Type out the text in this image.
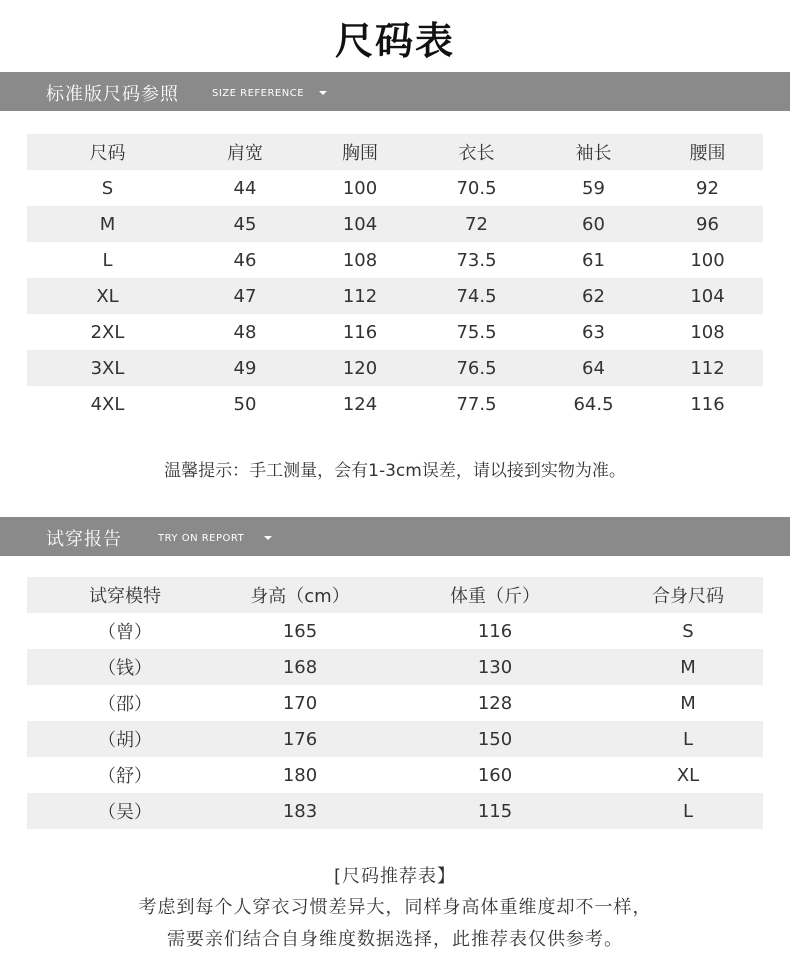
尺码表
标准版尺码参照	SIZE REFERENCE
尺码	肩宽	胸围	衣长	袖长	腰围
S	44	100	70.5	59	92
M	45	104	72	60	96
L	46	108	73.5	61	100
XL	47	112	74.5	62	104
2XL	48	116	75.5	63	108
3XL	49	120	76.5	64	112
4XL	50	124	77.5	64.5	116
温馨提示：手工测量，会有1-3cm误差，请以接到实物为准。
试穿报告	TRY ON REPORT
试穿模特	身高（cm）	体重（斤）	合身尺码
（曾）	165	116	S
（钱）	168	130	M
（邵）	170	128	M
（胡）	176	150	L
（舒）	180	160	XL
（吴）	183	115	L
[尺码推荐表】
考虑到每个人穿衣习惯差异大，同样身高体重维度却不一样，
需要亲们结合自身维度数据选择，此推荐表仅供参考。
